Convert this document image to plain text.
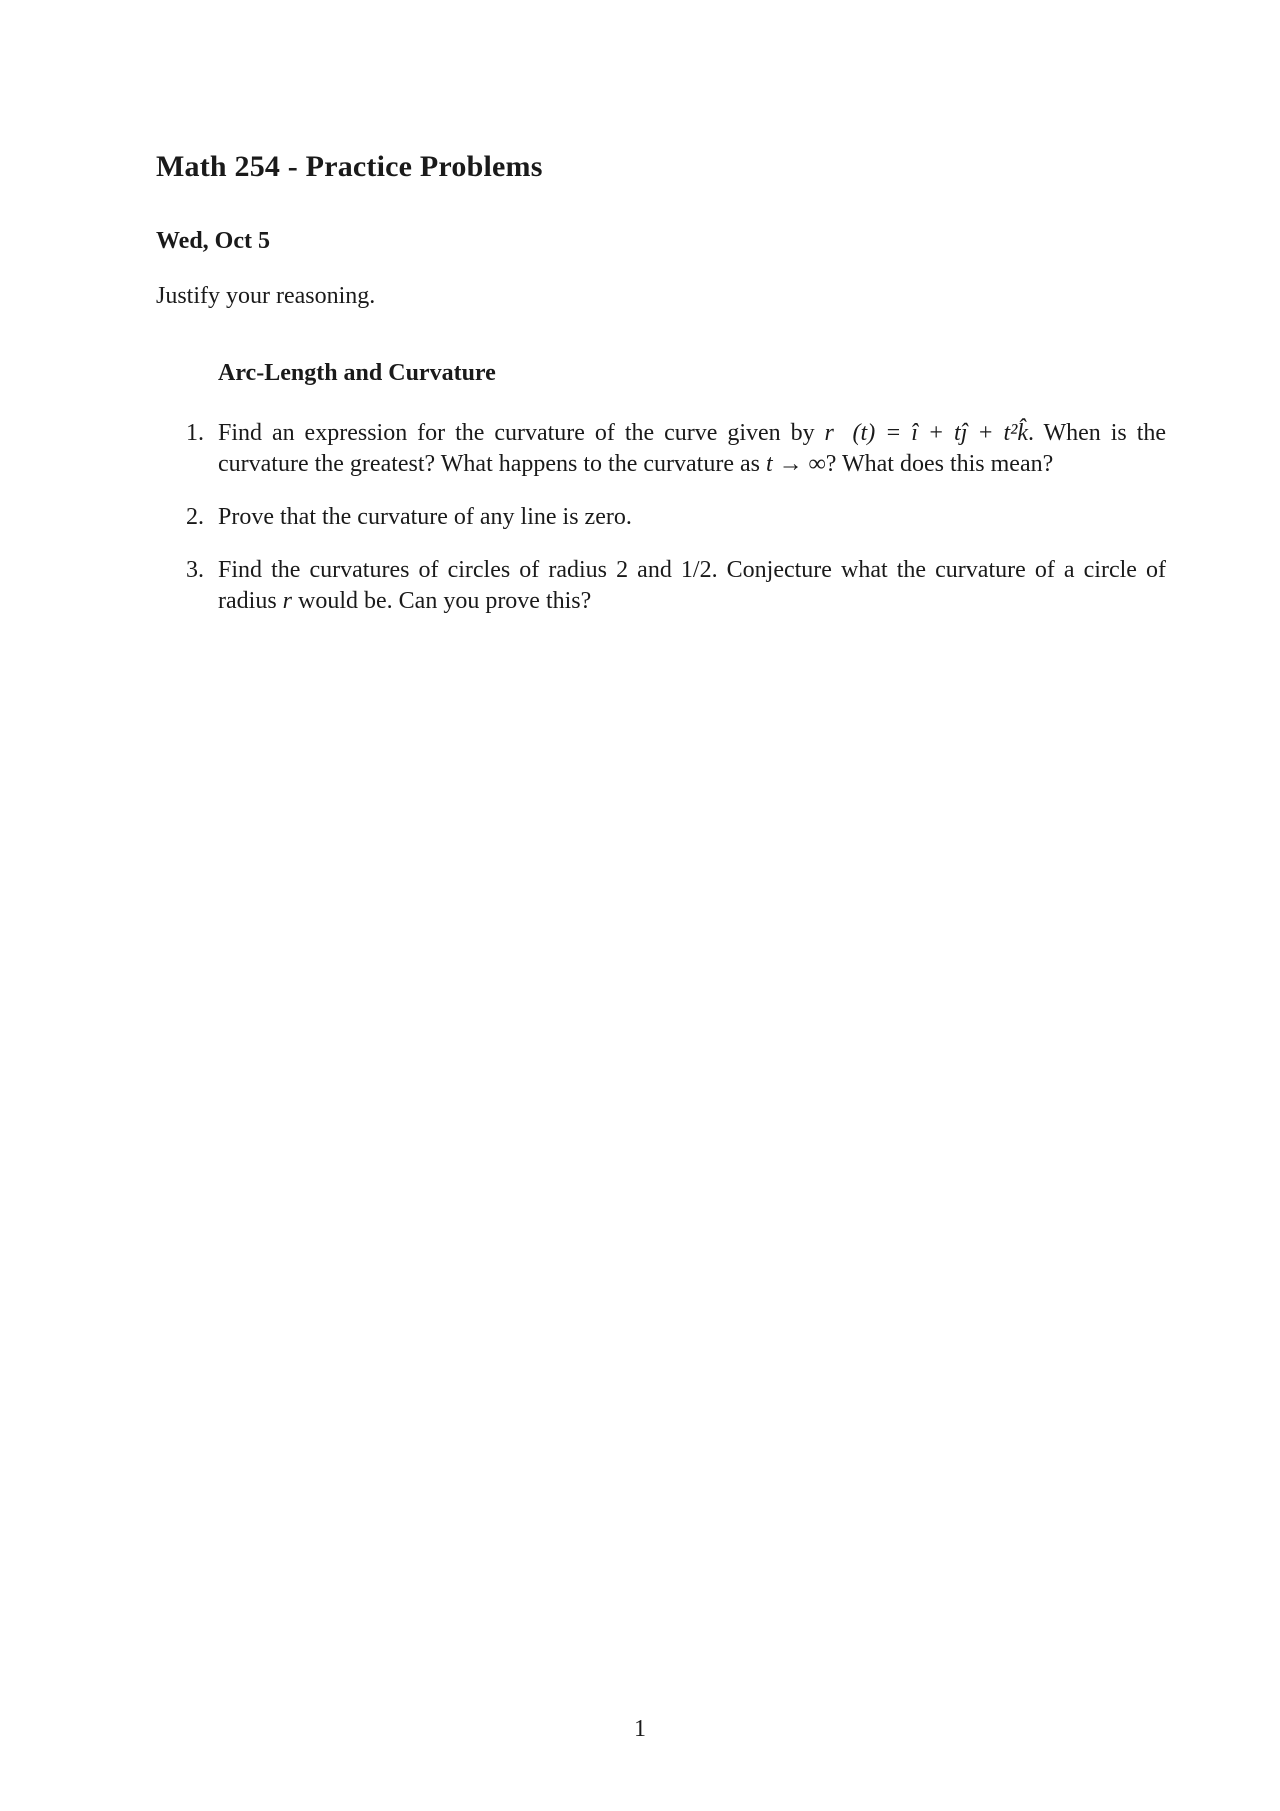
Math 254 - Practice Problems
Wed, Oct 5
Justify your reasoning.
Arc-Length and Curvature
1. Find an expression for the curvature of the curve given by r⃗(t) = î + tĵ + t²k̂. When is the curvature the greatest? What happens to the curvature as t → ∞? What does this mean?
2. Prove that the curvature of any line is zero.
3. Find the curvatures of circles of radius 2 and 1/2. Conjecture what the curvature of a circle of radius r would be. Can you prove this?
1
